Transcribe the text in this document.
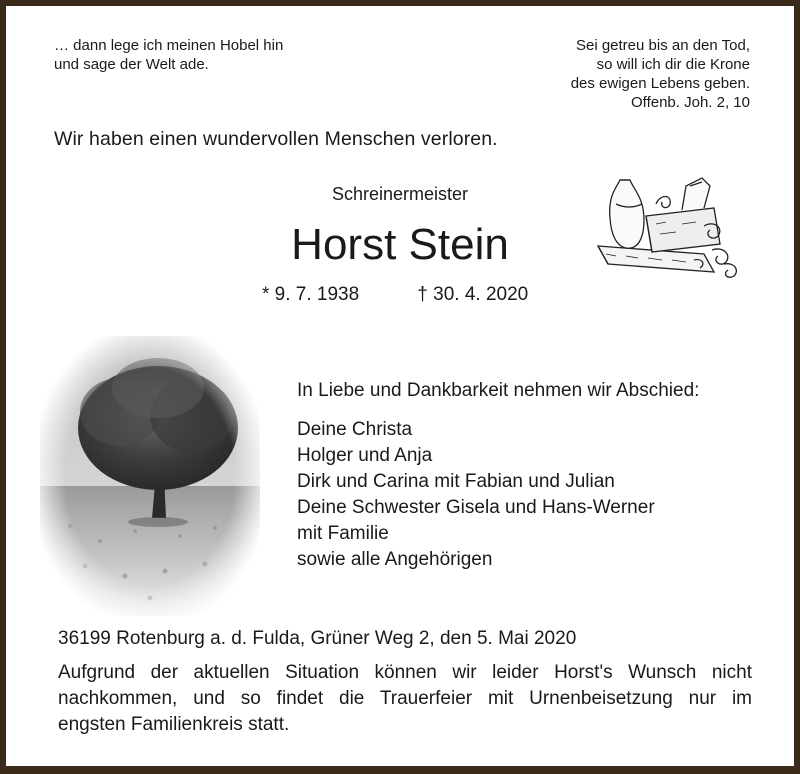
… dann lege ich meinen Hobel hin
und sage der Welt ade.
Sei getreu bis an den Tod,
so will ich dir die Krone
des ewigen Lebens geben.
Offenb. Joh. 2, 10
Wir haben einen wundervollen Menschen verloren.
Schreinermeister
Horst Stein
* 9. 7. 1938	† 30. 4. 2020
In Liebe und Dankbarkeit nehmen wir Abschied:
Deine Christa
Holger und Anja
Dirk und Carina mit Fabian und Julian
Deine Schwester Gisela und Hans-Werner
mit Familie
sowie alle Angehörigen
36199 Rotenburg a. d. Fulda, Grüner Weg 2, den 5. Mai 2020
Aufgrund der aktuellen Situation können wir leider Horst's Wunsch nicht
nachkommen, und so findet die Trauerfeier mit Urnenbeisetzung nur im
engsten Familienkreis statt.
